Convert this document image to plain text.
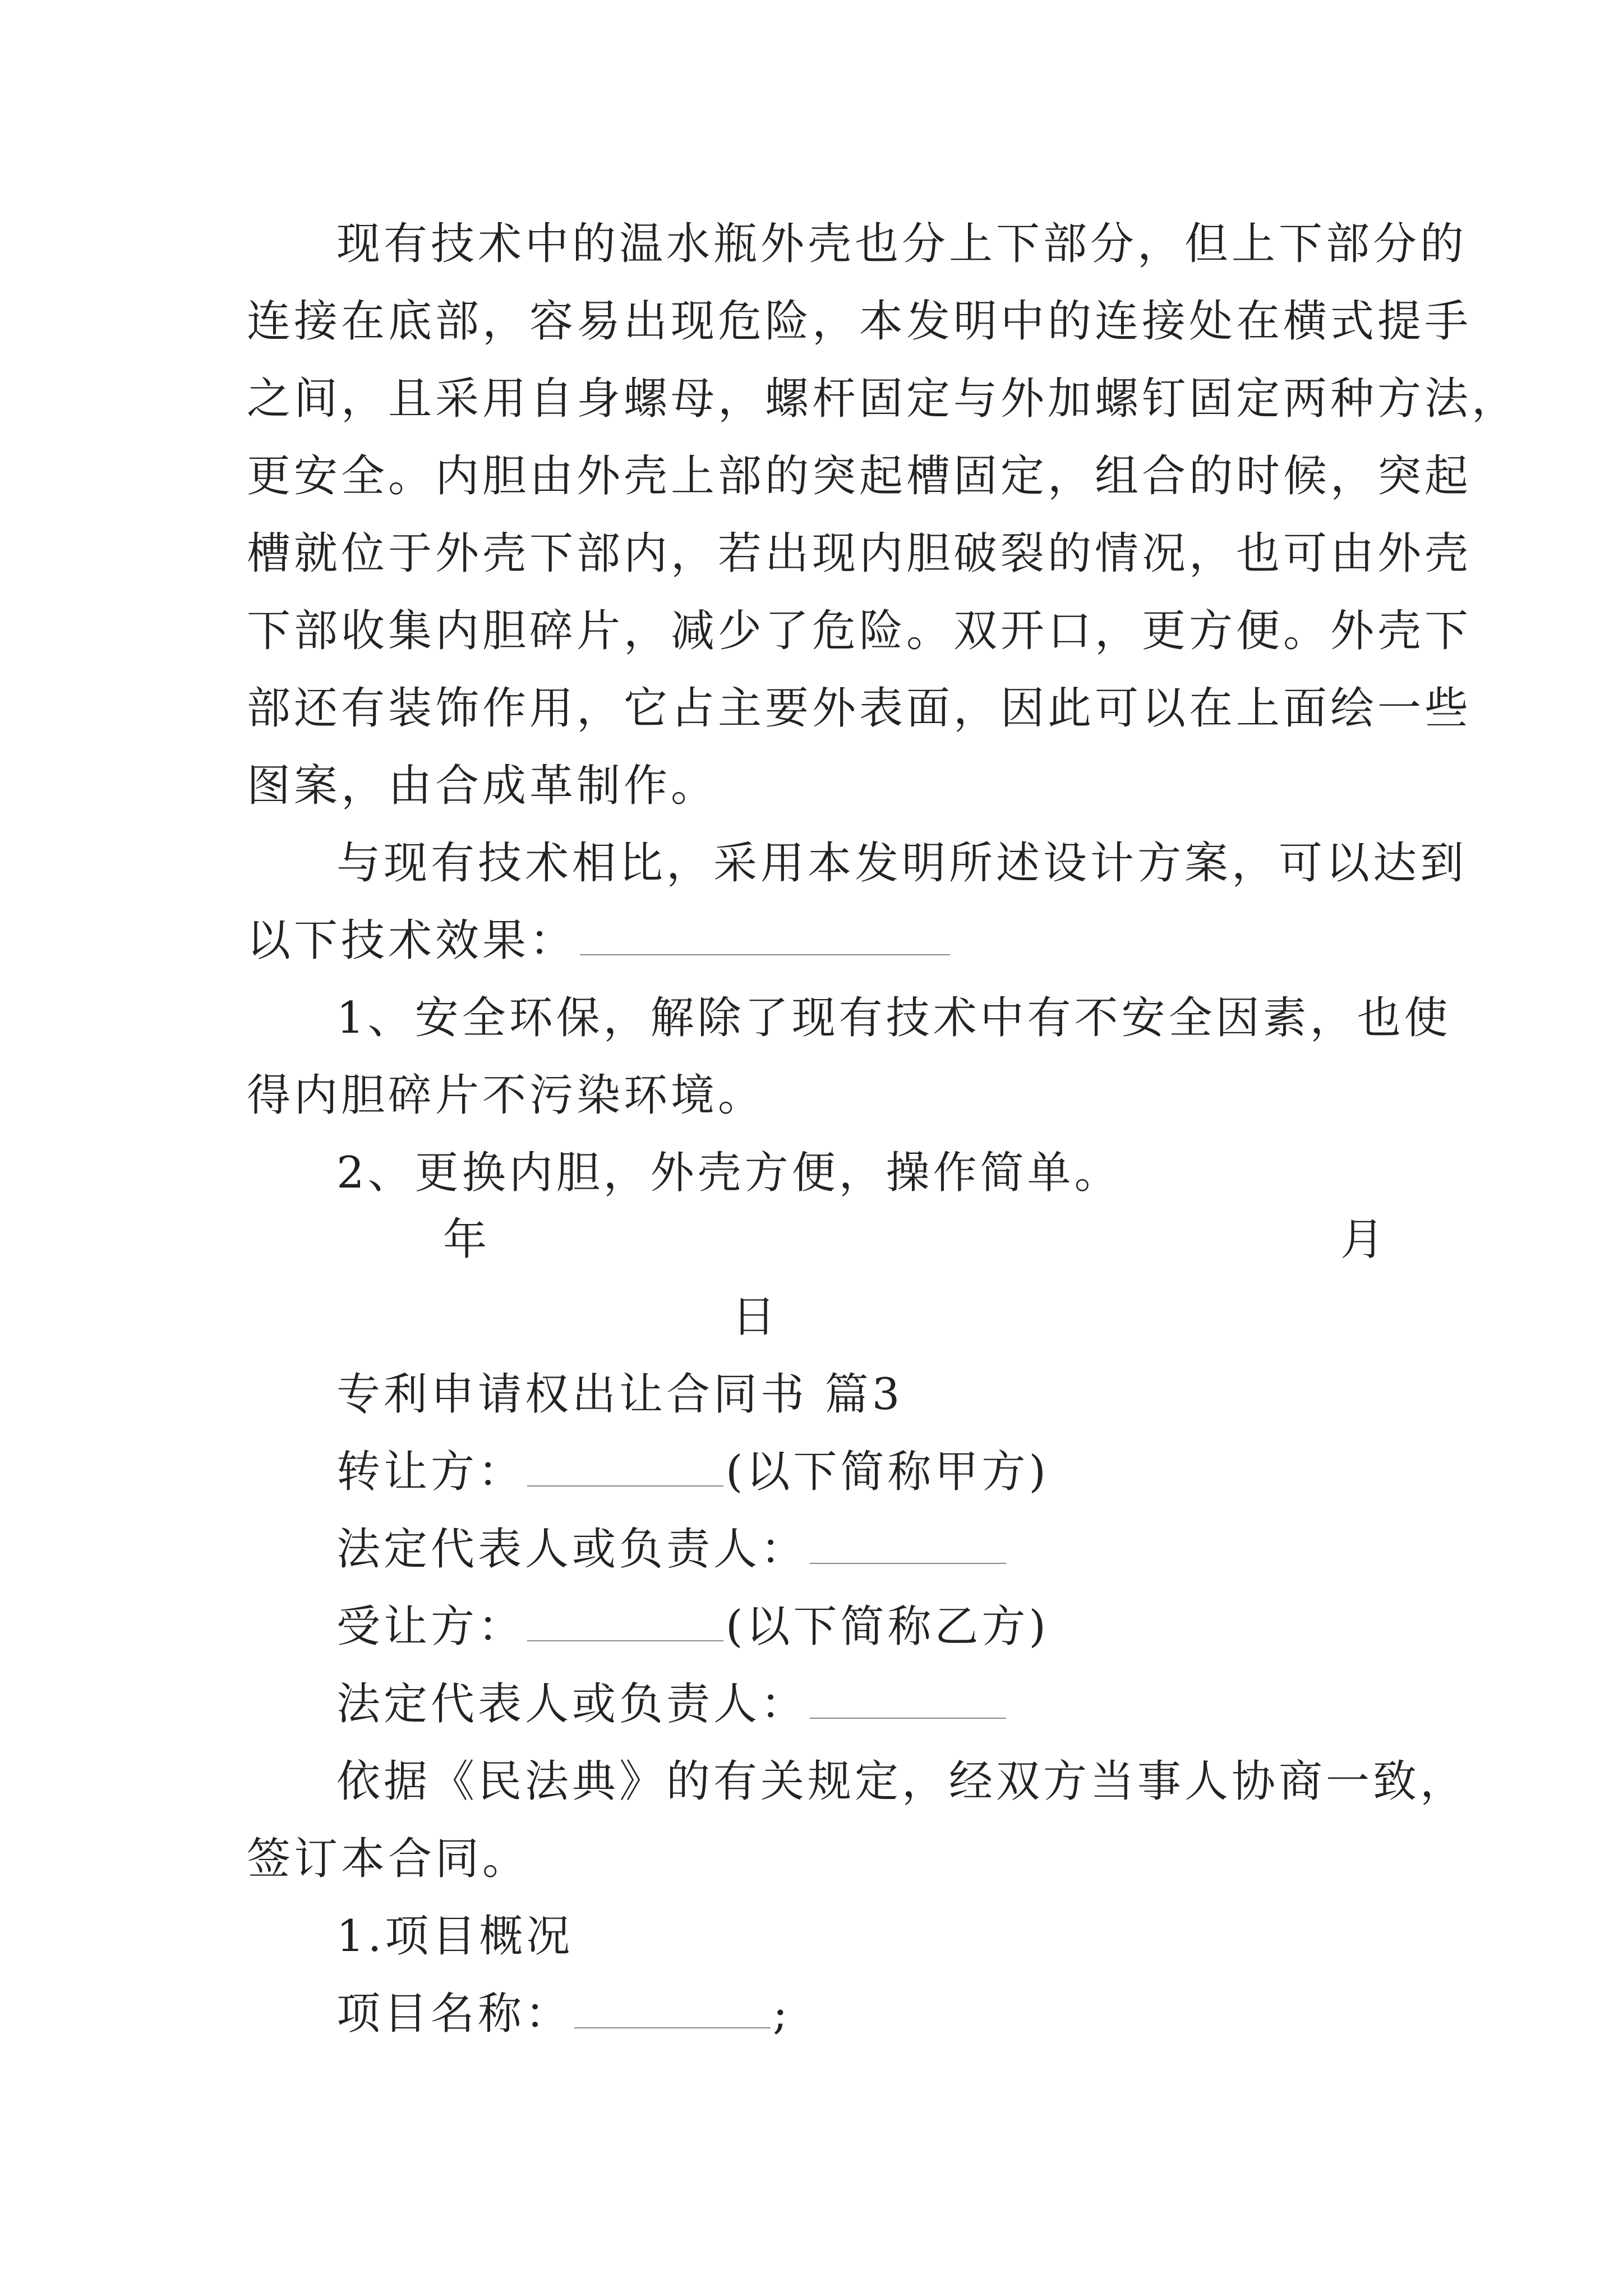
现有技术中的温水瓶外壳也分上下部分，但上下部分的
连接在底部，容易出现危险，本发明中的连接处在横式提手
之间，且采用自身螺母，螺杆固定与外加螺钉固定两种方法，
更安全。内胆由外壳上部的突起槽固定，组合的时候，突起
槽就位于外壳下部内，若出现内胆破裂的情况，也可由外壳
下部收集内胆碎片，减少了危险。双开口，更方便。外壳下
部还有装饰作用，它占主要外表面，因此可以在上面绘一些
图案，由合成革制作。
与现有技术相比，采用本发明所述设计方案，可以达到
以下技术效果：
1、安全环保，解除了现有技术中有不安全因素，也使
得内胆碎片不污染环境。
2、更换内胆，外壳方便，操作简单。
年	月
日
专利申请权出让合同书 篇3
转让方：	(以下简称甲方)
法定代表人或负责人：
受让方：	(以下简称乙方)
法定代表人或负责人：
依据《民法典》的有关规定，经双方当事人协商一致，
签订本合同。
1.项目概况
项目名称：	;
